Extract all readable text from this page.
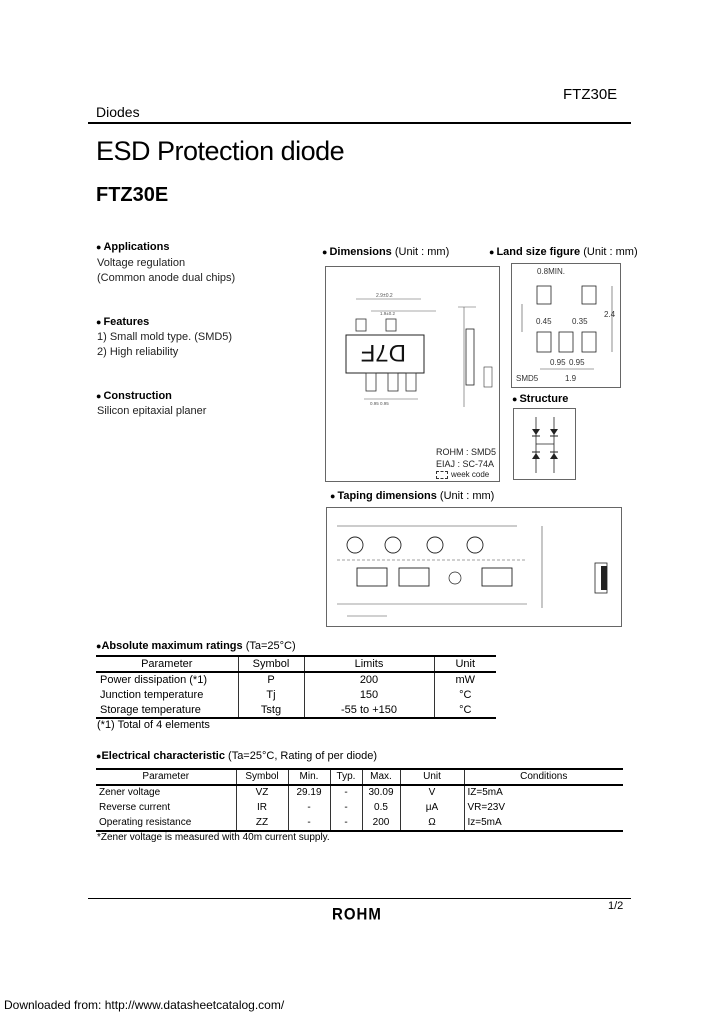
FTZ30E
Diodes
ESD Protection diode
FTZ30E
● Applications
Voltage regulation
(Common anode dual chips)
● Features
1) Small mold type. (SMD5)
2) High reliability
● Construction
Silicon epitaxial planer
● Dimensions (Unit : mm)
2.9±0.2
1.9±0.2
D7F
0.95 0.95
ROHM : SMD5
EIAJ : SC-74A
week code
● Land size figure (Unit : mm)
0.8MIN.
0.45	0.35
0.95 0.95
2.4
1.9
SMD5
● Structure
● Taping dimensions (Unit : mm)
●Absolute maximum ratings (Ta=25°C)
Parameter	Symbol	Limits	Unit
Power dissipation (*1)	P	200	mW
Junction temperature	Tj	150	°C
Storage temperature	Tstg	-55 to +150	°C
(*1) Total of 4 elements
●Electrical characteristic (Ta=25°C, Rating of per diode)
Parameter	Symbol	Min.	Typ.	Max.	Unit	Conditions
Zener voltage	VZ	29.19	-	30.09	V	IZ=5mA
Reverse current	IR	-	-	0.5	μA	VR=23V
Operating resistance	ZZ	-	-	200	Ω	Iz=5mA
*Zener voltage is measured with 40m current supply.
1/2
ROHM
Downloaded from: http://www.datasheetcatalog.com/
